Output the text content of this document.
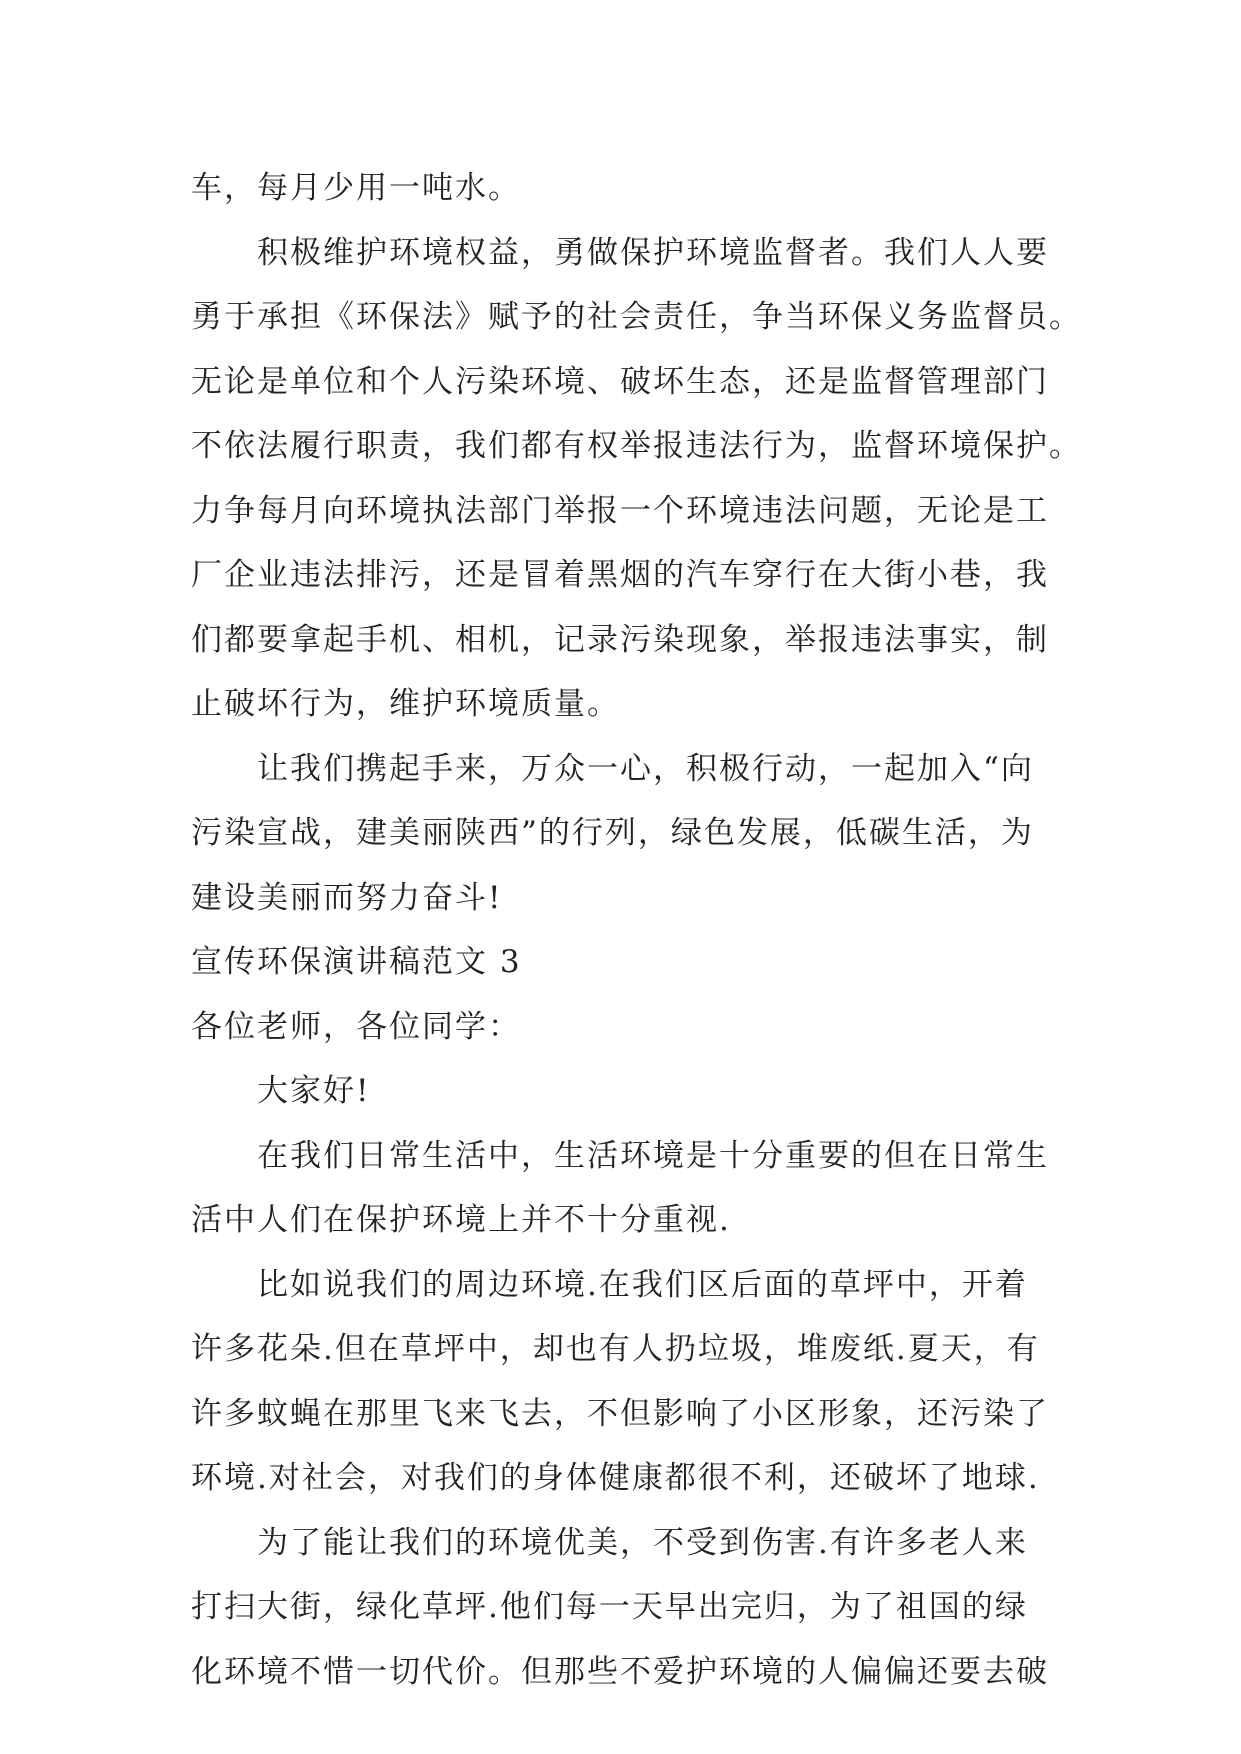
车，每月少用一吨水。
积极维护环境权益，勇做保护环境监督者。我们人人要
勇于承担《环保法》赋予的社会责任，争当环保义务监督员。
无论是单位和个人污染环境、破坏生态，还是监督管理部门
不依法履行职责，我们都有权举报违法行为，监督环境保护。
力争每月向环境执法部门举报一个环境违法问题，无论是工
厂企业违法排污，还是冒着黑烟的汽车穿行在大街小巷，我
们都要拿起手机、相机，记录污染现象，举报违法事实，制
止破坏行为，维护环境质量。
让我们携起手来，万众一心，积极行动，一起加入“向
污染宣战，建美丽陕西”的行列，绿色发展，低碳生活，为
建设美丽而努力奋斗!
宣传环保演讲稿范文 3
各位老师，各位同学：
大家好!
在我们日常生活中，生活环境是十分重要的但在日常生
活中人们在保护环境上并不十分重视.
比如说我们的周边环境.在我们区后面的草坪中，开着
许多花朵.但在草坪中，却也有人扔垃圾，堆废纸.夏天，有
许多蚊蝇在那里飞来飞去，不但影响了小区形象，还污染了
环境.对社会，对我们的身体健康都很不利，还破坏了地球.
为了能让我们的环境优美，不受到伤害.有许多老人来
打扫大街，绿化草坪.他们每一天早出完归，为了祖国的绿
化环境不惜一切代价。但那些不爱护环境的人偏偏还要去破
